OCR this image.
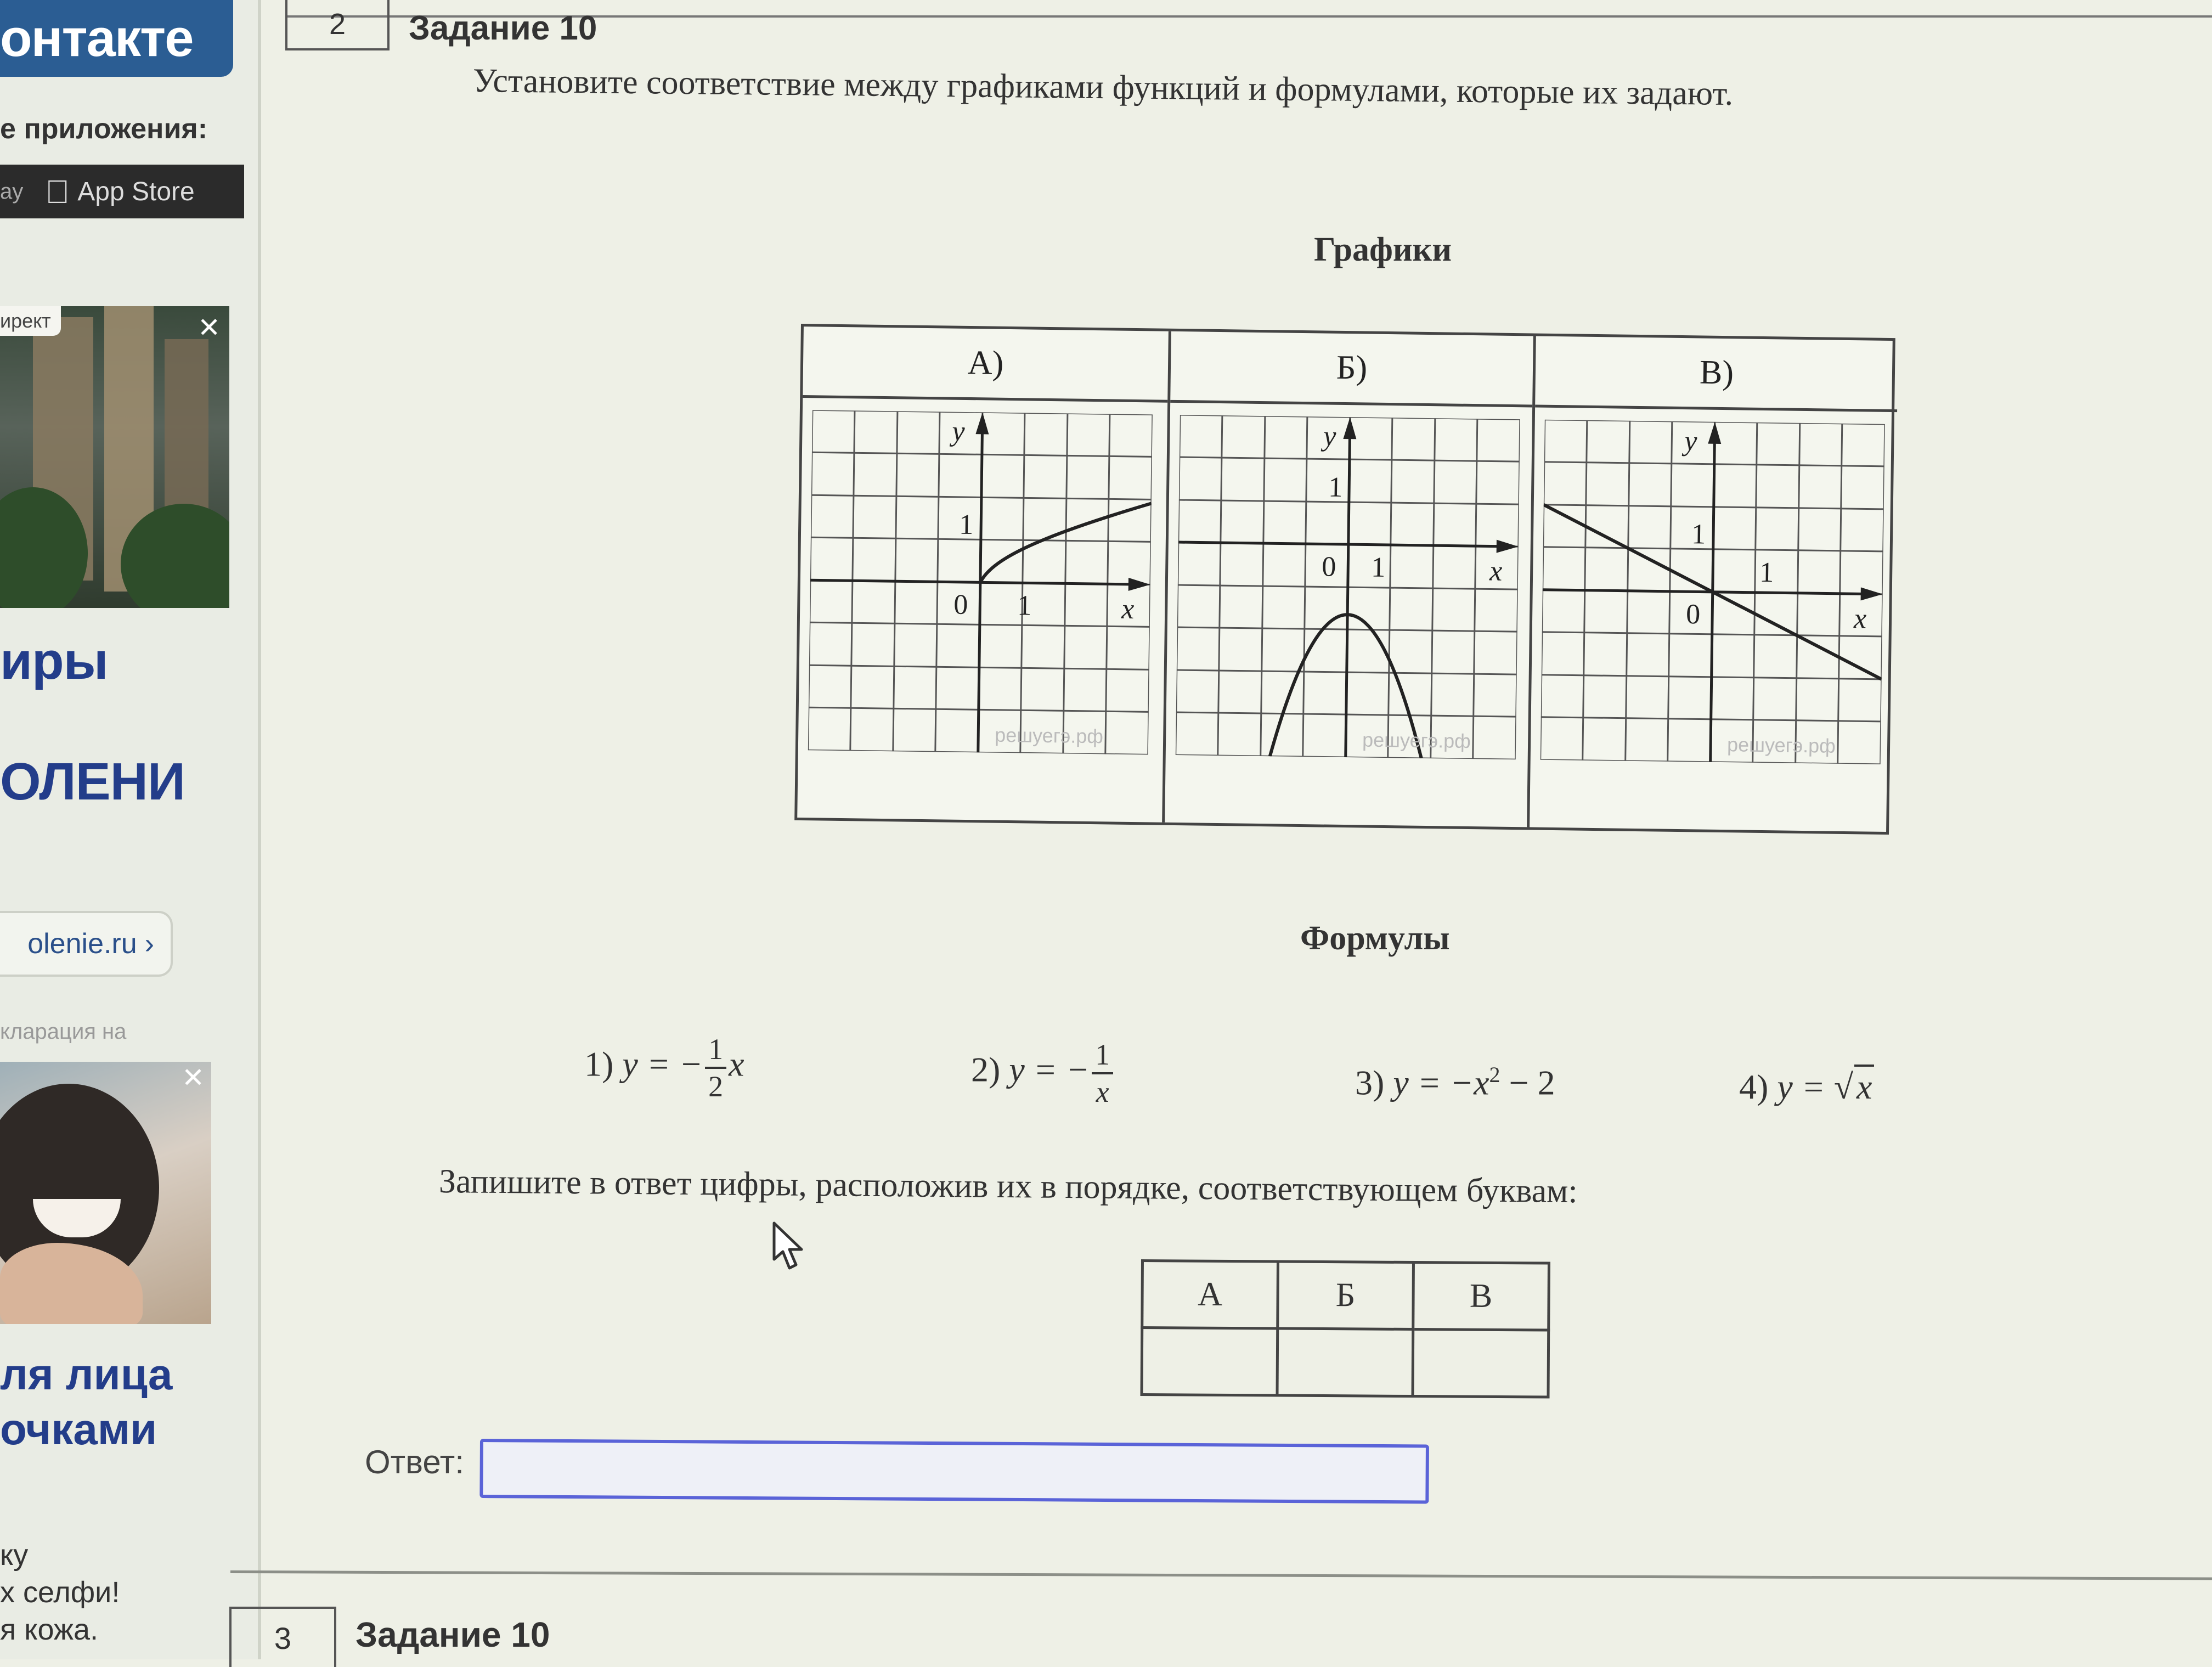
онтакте
е приложения:
ay App Store
ирект	✕
иры
ОЛЕНИ
olenie.ru ›
кларация на
✕
ля лица
очками
ку
х селфи!
я кожа.
2	Задание 10
Установите соответствие между графиками функций и формулами, которые их задают.
Графики
А)
y
x
0 1
1
решуегэ.рф
Б)
y
x
0 1
1
решуегэ.рф
В)
y
x
0
1
1
решуегэ.рф
Формулы
1) y = − $\frac{1}{2}$ x	2) y = − $\frac{1}{x}$	3) $y = -x^2 - 2$	4) y = √x
Запишите в ответ цифры, расположив их в порядке, соответствующем буквам:
А	Б	В

Ответ:
3	Задание 10
